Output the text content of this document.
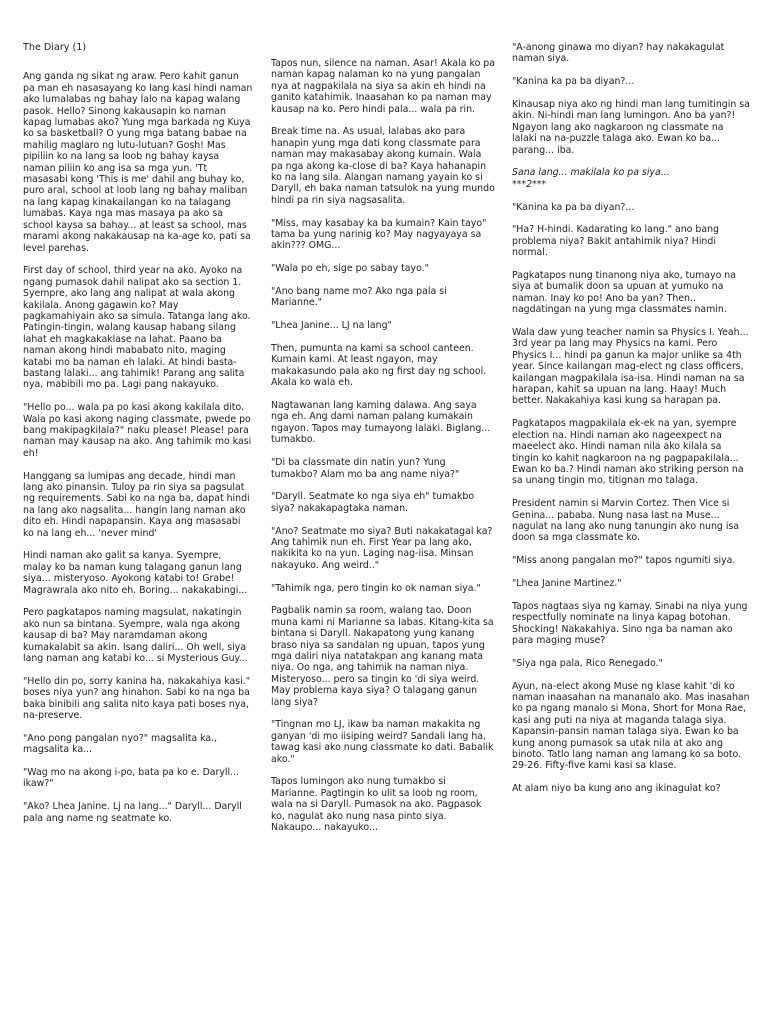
The Diary (1)

Ang ganda ng sikat ng araw. Pero kahit ganun pa man eh nasasayang ko lang kasi hindi naman ako lumalabas ng bahay lalo na kapag walang pasok. Hello? Sinong kakausapin ko naman kapag lumabas ako? Yung mga barkada ng Kuya ko sa basketball? O yung mga batang babae na mahilig maglaro ng lutu-lutuan? Gosh! Mas pipiliin ko na lang sa loob ng bahay kaysa naman piliin ko ang isa sa mga yun. 'Tt masasabi kong 'This is me' dahil ang buhay ko, puro aral, school at loob lang ng bahay maliban na lang kapag kinakailangan ko na talagang lumabas. Kaya nga mas masaya pa ako sa school kaysa sa bahay... at least sa school, mas marami akong nakakausap na ka-age ko, pati sa level parehas.

First day of school, third year na ako. Ayoko na ngang pumasok dahil nalipat ako sa section 1. Syempre, ako lang ang nalipat at wala akong kakilala. Anong gagawin ko? May pagkamahiyain ako sa simula. Tatanga lang ako. Patingin-tingin, walang kausap habang silang lahat eh magkakaklase na lahat. Paano ba naman akong hindi mababato nito, maging katabi mo ba naman eh lalaki. At hindi basta-bastang lalaki... ang tahimik! Parang ang salita nya, mabibili mo pa. Lagi pang nakayuko.

"Hello po... wala pa po kasi akong kakilala dito. Wala po kasi akong naging classmate, pwede po bang makipagkilala?" naku please! Please! para naman may kausap na ako. Ang tahimik mo kasi eh!

Hanggang sa lumipas ang decade, hindi man lang ako pinansin. Tuloy pa rin siya sa pagsulat ng requirements. Sabi ko na nga ba, dapat hindi na lang ako nagsalita... hangin lang naman ako dito eh. Hindi napapansin. Kaya ang masasabi ko na lang eh... 'never mind'

Hindi naman ako galit sa kanya. Syempre, malay ko ba naman kung talagang ganun lang siya... misteryoso. Ayokong katabi to! Grabe! Magrawrala ako nito eh. Boring... nakakabingi...

Pero pagkatapos naming magsulat, nakatingin ako nun sa bintana. Syempre, wala nga akong kausap di ba? May naramdaman akong kumakalabit sa akin. Isang daliri... Oh well, siya lang naman ang katabi ko... si Mysterious Guy...

"Hello din po, sorry kanina ha, nakakahiya kasi." boses niya yun? ang hinahon. Sabi ko na nga ba baka binibili ang salita nito kaya pati boses nya, na-preserve.

"Ano pong pangalan nyo?" magsalita ka., magsalita ka...

"Wag mo na akong i-po, bata pa ko e. Daryll... ikaw?"

"Ako? Lhea Janine. Lj na lang..." Daryll... Daryll pala ang name ng seatmate ko.

Tapos nun, silence na naman. Asar! Akala ko pa naman kapag nalaman ko na yung pangalan nya at nagpakilala na siya sa akin eh hindi na ganito katahimik. Inaasahan ko pa naman may kausap na ko. Pero hindi pala... wala pa rin.

Break time na. As usual, lalabas ako para hanapin yung mga dati kong classmate para naman may makasabay akong kumain. Wala pa nga akong ka-close di ba? Kaya hahanapin ko na lang sila. Alangan namang yayain ko si Daryll, eh baka naman tatsulok na yung mundo hindi pa rin siya nagsasalita.

"Miss, may kasabay ka ba kumain? Kain tayo" tama ba yung narinig ko? May nagyayaya sa akin??? OMG...

"Wala po eh, sige po sabay tayo."

"Ano bang name mo? Ako nga pala si Marianne."

"Lhea Janine... LJ na lang"

Then, pumunta na kami sa school canteen. Kumain kami. At least ngayon, may makakasundo pala ako ng first day ng school. Akala ko wala eh.

Nagtawanan lang kaming dalawa. Ang saya nga eh. Ang dami naman palang kumakain ngayon. Tapos may tumayong lalaki. Biglang... tumakbo.

"Di ba classmate din natin yun? Yung tumakbo? Alam mo ba ang name niya?"

"Daryll. Seatmate ko nga siya eh" tumakbo siya? nakakapagtaka naman.

"Ano? Seatmate mo siya? Buti nakakatagal ka? Ang tahimik nun eh. First Year pa lang ako, nakikita ko na yun. Laging nag-iisa. Minsan nakayuko. Ang weird.."

"Tahimik nga, pero tingin ko ok naman siya."

Pagbalik namin sa room, walang tao. Doon muna kami ni Marianne sa labas. Kitang-kita sa bintana si Daryll. Nakapatong yung kanang braso niya sa sandalan ng upuan, tapos yung mga daliri niya natatakpan ang kanang mata niya. Oo nga, ang tahimik na naman niya. Misteryoso... pero sa tingin ko 'di siya weird. May problema kaya siya? O talagang ganun lang siya?

"Tingnan mo LJ, ikaw ba naman makakita ng ganyan 'di mo iisiping weird? Sandali lang ha, tawag kasi ako nung classmate ko dati. Babalik ako."

Tapos lumingon ako nung tumakbo si Marianne. Pagtingin ko ulit sa loob ng room, wala na si Daryll. Pumasok na ako. Pagpasok ko, nagulat ako nung nasa pinto siya. Nakaupo... nakayuko...

"A-anong ginawa mo diyan? hay nakakagulat naman siya.

"Kanina ka pa ba diyan?...

Kinausap niya ako ng hindi man lang tumitingin sa akin. Ni-hindi man lang lumingon. Ano ba yan?! Ngayon lang ako nagkaroon ng classmate na lalaki na na-puzzle talaga ako. Ewan ko ba... parang... iba.

Sana lang... makilala ko pa siya...
***2***

"Kanina ka pa ba diyan?...

"Ha? H-hindi. Kadarating ko lang." ano bang problema niya? Bakit antahimik niya? Hindi normal.

Pagkatapos nung tinanong niya ako, tumayo na siya at bumalik doon sa upuan at yumuko na naman. Inay ko po! Ano ba yan? Then.. nagdatingan na yung mga classmates namin.

Wala daw yung teacher namin sa Physics I. Yeah... 3rd year pa lang may Physics na kami. Pero Physics I... hindi pa ganun ka major unlike sa 4th year. Since kailangan mag-elect ng class officers, kailangan magpakilala isa-isa. Hindi naman na sa harapan, kahit sa upuan na lang. Haay! Much better. Nakakahiya kasi kung sa harapan pa.

Pagkatapos magpakilala ek-ek na yan, syempre election na. Hindi naman ako nageexpect na maeelect ako. Hindi naman nila ako kilala sa tingin ko kahit nagkaroon na ng pagpapakilala... Ewan ko ba.? Hindi naman ako striking person na sa unang tingin mo, titignan mo talaga.

President namin si Marvin Cortez. Then Vice si Genina... pababa. Nung nasa last na Muse... nagulat na lang ako nung tanungin ako nung isa doon sa mga classmate ko.

"Miss anong pangalan mo?" tapos ngumiti siya.

"Lhea Janine Martinez."

Tapos nagtaas siya ng kamay. Sinabi na niya yung respectfully nominate na linya kapag botohan. Shocking! Nakakahiya. Sino nga ba naman ako para maging muse?

"Siya nga pala, Rico Renegado."

Ayun, na-elect akong Muse ng klase kahit 'di ko naman inaasahan na mananalo ako. Mas inasahan ko pa ngang manalo si Mona, Short for Mona Rae, kasi ang puti na niya at maganda talaga siya. Kapansin-pansin naman talaga siya. Ewan ko ba kung anong pumasok sa utak nila at ako ang binoto. Tatlo lang naman ang lamang ko sa boto. 29-26. Fifty-five kami kasi sa klase.

At alam niyo ba kung ano ang ikinagulat ko?
